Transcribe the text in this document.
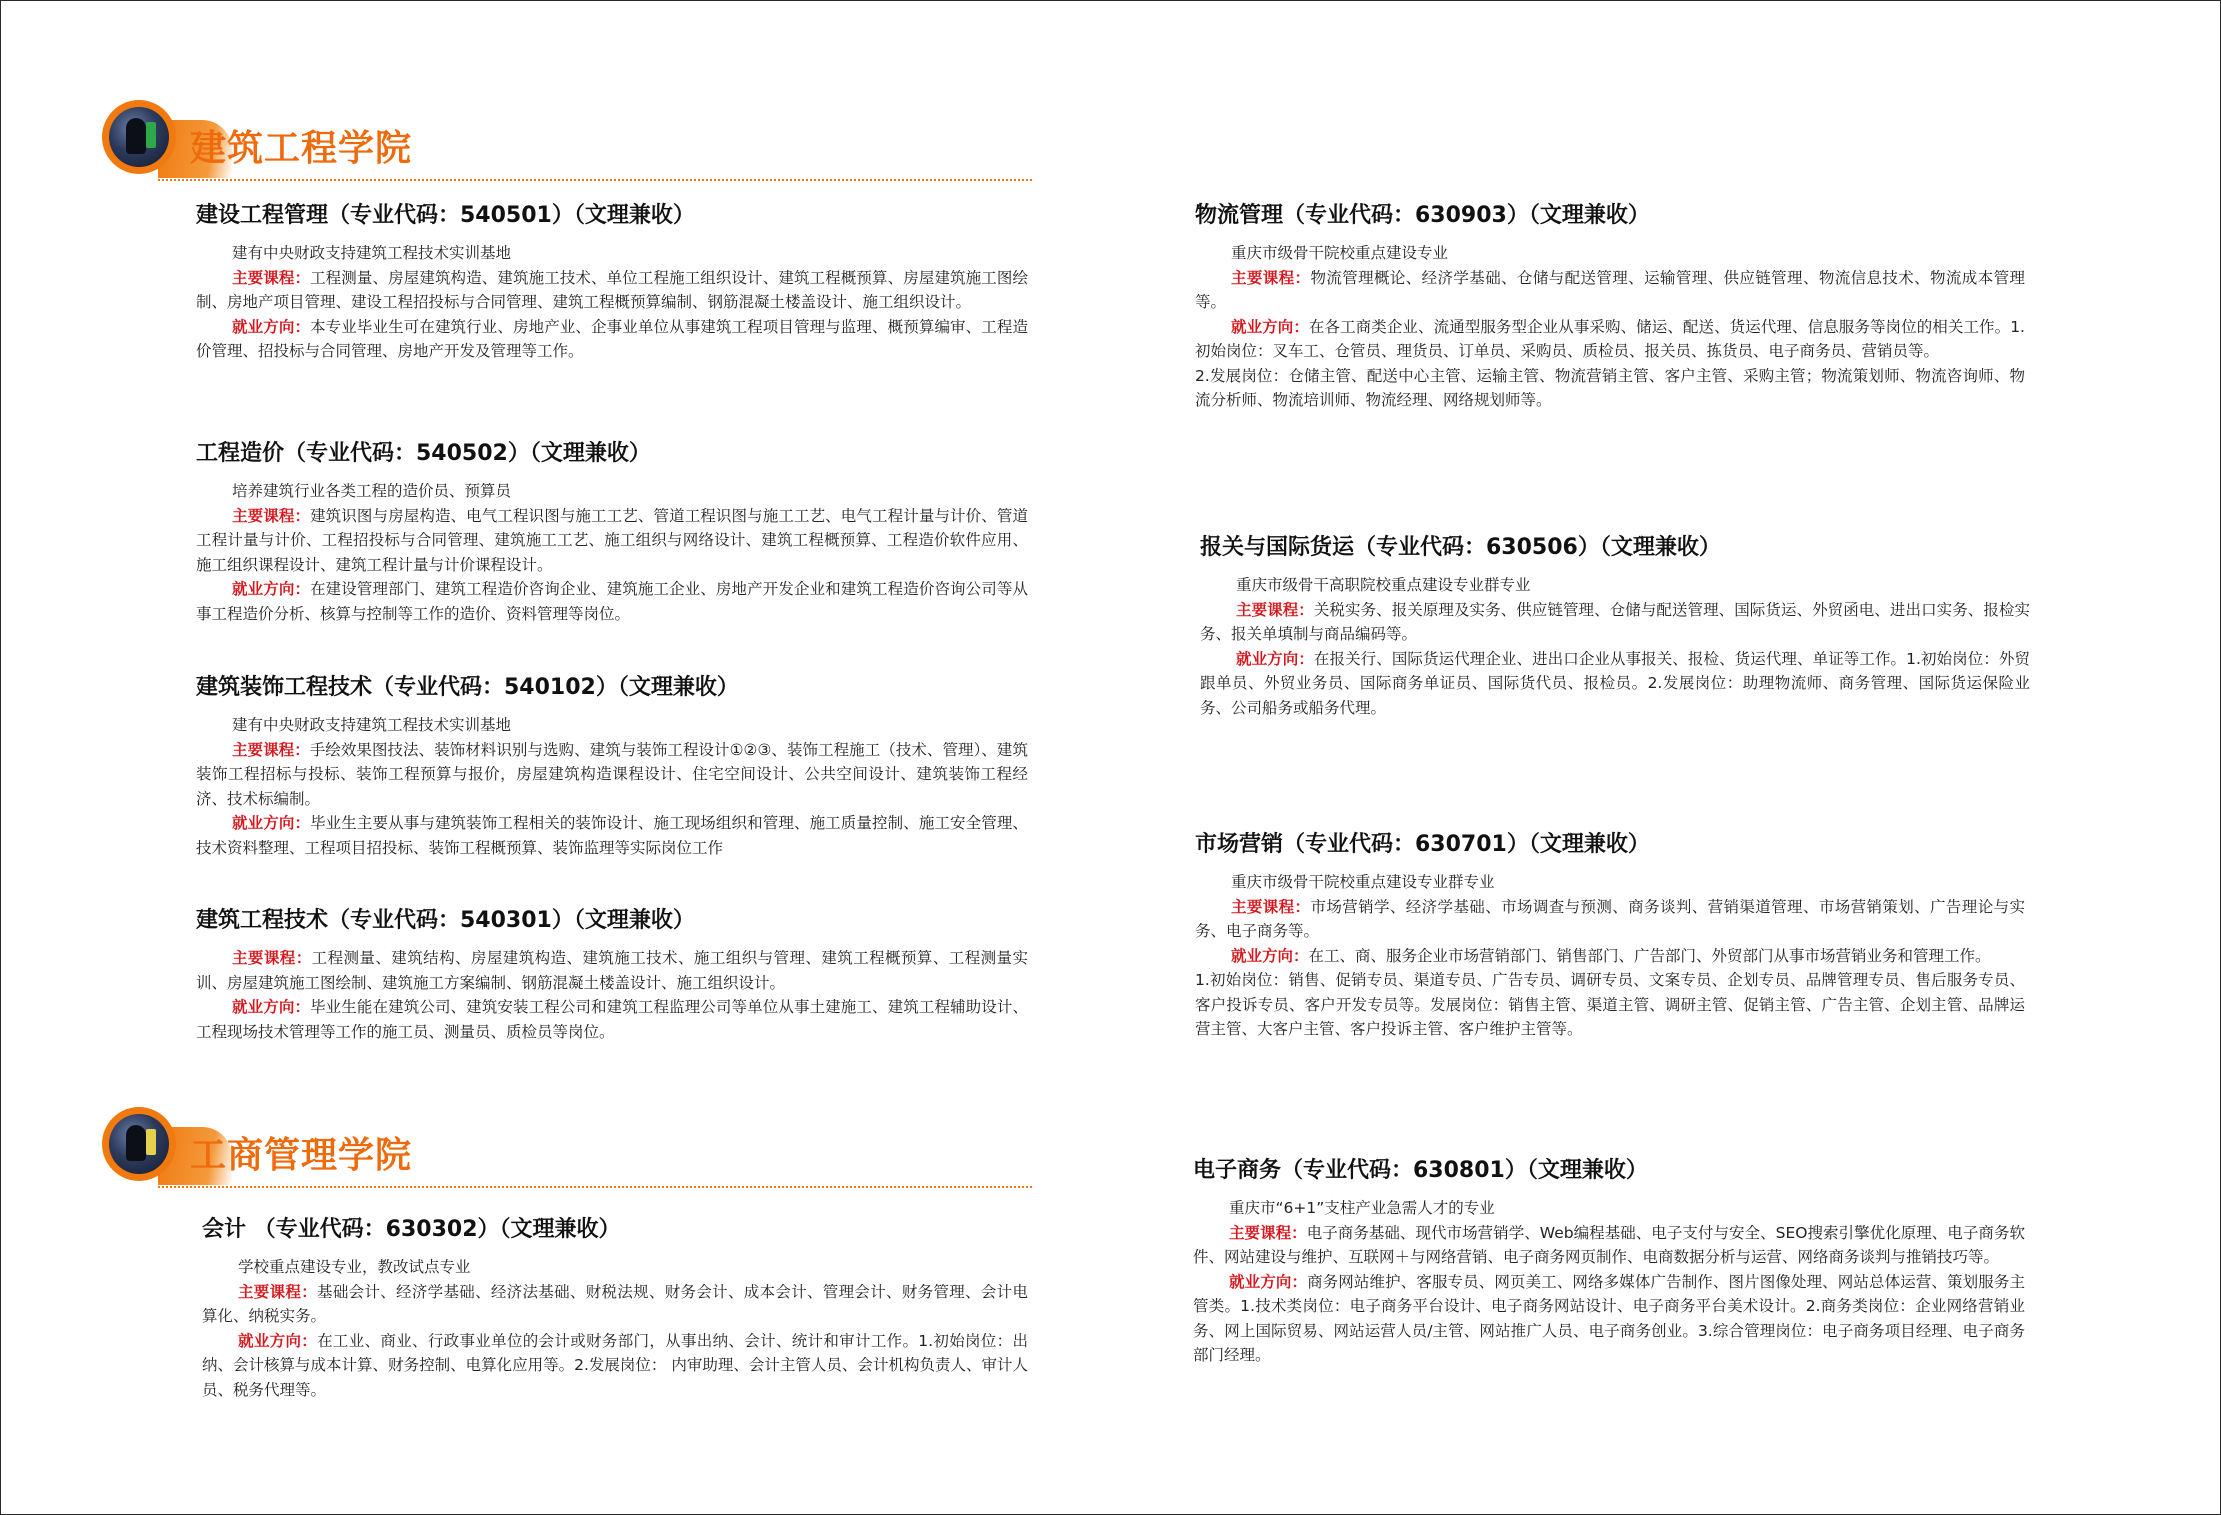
建筑工程学院
工商管理学院
建设工程管理（专业代码：540501）（文理兼收）

建有中央财政支持建筑工程技术实训基地

主要课程：工程测量、房屋建筑构造、建筑施工技术、单位工程施工组织设计、建筑工程概预算、房屋建筑施工图绘制、房地产项目管理、建设工程招投标与合同管理、建筑工程概预算编制、钢筋混凝土楼盖设计、施工组织设计。

就业方向：本专业毕业生可在建筑行业、房地产业、企事业单位从事建筑工程项目管理与监理、概预算编审、工程造价管理、招投标与合同管理、房地产开发及管理等工作。

工程造价（专业代码：540502）（文理兼收）

培养建筑行业各类工程的造价员、预算员

主要课程：建筑识图与房屋构造、电气工程识图与施工工艺、管道工程识图与施工工艺、电气工程计量与计价、管道工程计量与计价、工程招投标与合同管理、建筑施工工艺、施工组织与网络设计、建筑工程概预算、工程造价软件应用、施工组织课程设计、建筑工程计量与计价课程设计。

就业方向：在建设管理部门、建筑工程造价咨询企业、建筑施工企业、房地产开发企业和建筑工程造价咨询公司等从事工程造价分析、核算与控制等工作的造价、资料管理等岗位。

建筑装饰工程技术（专业代码：540102）（文理兼收）

建有中央财政支持建筑工程技术实训基地

主要课程：手绘效果图技法、装饰材料识别与选购、建筑与装饰工程设计①②③、装饰工程施工（技术、管理）、建筑装饰工程招标与投标、装饰工程预算与报价，房屋建筑构造课程设计、住宅空间设计、公共空间设计、建筑装饰工程经济、技术标编制。

就业方向：毕业生主要从事与建筑装饰工程相关的装饰设计、施工现场组织和管理、施工质量控制、施工安全管理、技术资料整理、工程项目招投标、装饰工程概预算、装饰监理等实际岗位工作

建筑工程技术（专业代码：540301）（文理兼收）

主要课程：工程测量、建筑结构、房屋建筑构造、建筑施工技术、施工组织与管理、建筑工程概预算、工程测量实训、房屋建筑施工图绘制、建筑施工方案编制、钢筋混凝土楼盖设计、施工组织设计。

就业方向：毕业生能在建筑公司、建筑安装工程公司和建筑工程监理公司等单位从事土建施工、建筑工程辅助设计、工程现场技术管理等工作的施工员、测量员、质检员等岗位。

会计 （专业代码：630302）（文理兼收）

学校重点建设专业，教改试点专业

主要课程：基础会计、经济学基础、经济法基础、财税法规、财务会计、成本会计、管理会计、财务管理、会计电算化、纳税实务。

就业方向：在工业、商业、行政事业单位的会计或财务部门，从事出纳、会计、统计和审计工作。1.初始岗位：出纳、会计核算与成本计算、财务控制、电算化应用等。2.发展岗位： 内审助理、会计主管人员、会计机构负责人、审计人员、税务代理等。

物流管理（专业代码：630903）（文理兼收）

重庆市级骨干院校重点建设专业

主要课程：物流管理概论、经济学基础、仓储与配送管理、运输管理、供应链管理、物流信息技术、物流成本管理等。

就业方向：在各工商类企业、流通型服务型企业从事采购、储运、配送、货运代理、信息服务等岗位的相关工作。1.初始岗位：叉车工、仓管员、理货员、订单员、采购员、质检员、报关员、拣货员、电子商务员、营销员等。

2.发展岗位：仓储主管、配送中心主管、运输主管、物流营销主管、客户主管、采购主管；物流策划师、物流咨询师、物流分析师、物流培训师、物流经理、网络规划师等。

报关与国际货运（专业代码：630506）（文理兼收）

重庆市级骨干高职院校重点建设专业群专业

主要课程：关税实务、报关原理及实务、供应链管理、仓储与配送管理、国际货运、外贸函电、进出口实务、报检实务、报关单填制与商品编码等。

就业方向：在报关行、国际货运代理企业、进出口企业从事报关、报检、货运代理、单证等工作。1.初始岗位：外贸跟单员、外贸业务员、国际商务单证员、国际货代员、报检员。2.发展岗位：助理物流师、商务管理、国际货运保险业务、公司船务或船务代理。

市场营销（专业代码：630701）（文理兼收）

重庆市级骨干院校重点建设专业群专业

主要课程：市场营销学、经济学基础、市场调查与预测、商务谈判、营销渠道管理、市场营销策划、广告理论与实务、电子商务等。

就业方向：在工、商、服务企业市场营销部门、销售部门、广告部门、外贸部门从事市场营销业务和管理工作。

1.初始岗位：销售、促销专员、渠道专员、广告专员、调研专员、文案专员、企划专员、品牌管理专员、售后服务专员、客户投诉专员、客户开发专员等。发展岗位：销售主管、渠道主管、调研主管、促销主管、广告主管、企划主管、品牌运营主管、大客户主管、客户投诉主管、客户维护主管等。

电子商务（专业代码：630801）（文理兼收）

重庆市“6+1”支柱产业急需人才的专业

主要课程：电子商务基础、现代市场营销学、Web编程基础、电子支付与安全、SEO搜索引擎优化原理、电子商务软件、网站建设与维护、互联网＋与网络营销、电子商务网页制作、电商数据分析与运营、网络商务谈判与推销技巧等。

就业方向：商务网站维护、客服专员、网页美工、网络多媒体广告制作、图片图像处理、网站总体运营、策划服务主管类。1.技术类岗位：电子商务平台设计、电子商务网站设计、电子商务平台美术设计。2.商务类岗位：企业网络营销业务、网上国际贸易、网站运营人员/主管、网站推广人员、电子商务创业。3.综合管理岗位：电子商务项目经理、电子商务部门经理。
